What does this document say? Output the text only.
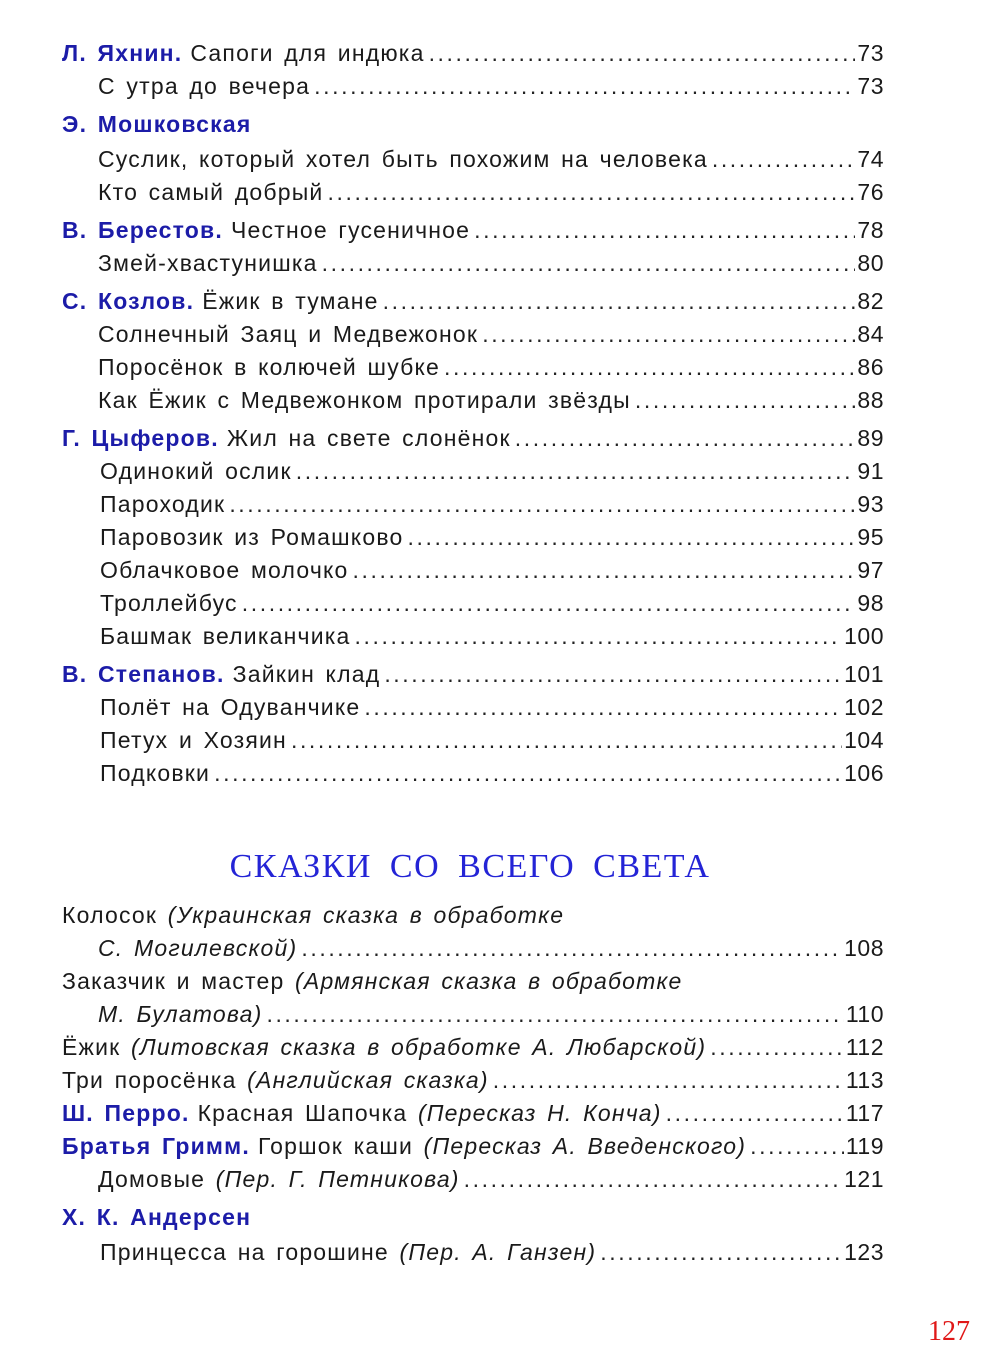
Л. Яхнин. Сапоги для индюка .....	73
С утра до вечера .....	73
Э. Мошковская
Суслик, который хотел быть похожим на человека .....	74
Кто самый добрый .....	76
В. Берестов. Честное гусеничное .....	78
Змей-хвастунишка .....	80
С. Козлов. Ёжик в тумане .....	82
Солнечный Заяц и Медвежонок .....	84
Поросёнок в колючей шубке .....	86
Как Ёжик с Медвежонком протирали звёзды .....	88
Г. Цыферов. Жил на свете слонёнок .....	89
Одинокий ослик .....	91
Пароходик .....	93
Паровозик из Ромашково .....	95
Облачковое молочко .....	97
Троллейбус .....	98
Башмак великанчика .....	100
В. Степанов. Зайкин клад .....	101
Полёт на Одуванчике .....	102
Петух и Хозяин .....	104
Подковки .....	106
СКАЗКИ СО ВСЕГО СВЕТА
Колосок (Украинская сказка в обработке
С. Могилевской) .....	108
Заказчик и мастер (Армянская сказка в обработке
М. Булатова) .....	110
Ёжик (Литовская сказка в обработке А. Любарской) .....	112
Три поросёнка (Английская сказка) .....	113
Ш. Перро. Красная Шапочка (Пересказ Н. Конча) .....	117
Братья Гримм. Горшок каши (Пересказ А. Введенского) .....	119
Домовые (Пер. Г. Петникова) .....	121
Х. К. Андерсен
Принцесса на горошине (Пер. А. Ганзен) .....	123
127
